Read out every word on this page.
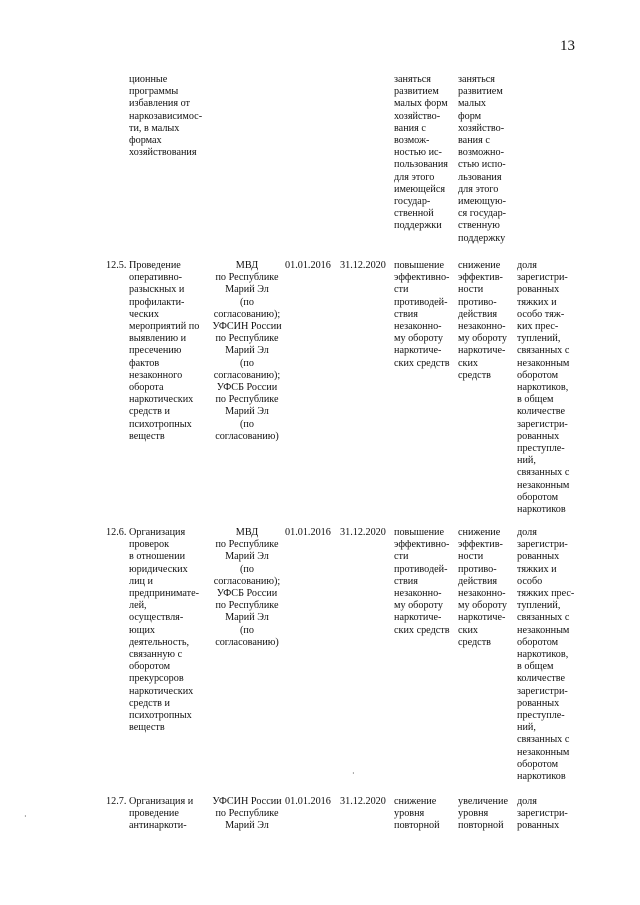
13
ционные
программы
избавления от
наркозависимос-
ти, в малых
формах
хозяйствования
заняться
развитием
малых форм
хозяйство-
вания с
возмож-
ностью ис-
пользования
для этого
имеющейся
государ-
ственной
поддержки
заняться
развитием
малых
форм
хозяйство-
вания с
возможно-
стью испо-
льзования
для этого
имеющую-
ся государ-
ственную
поддержку
12.5. Проведение
оперативно-
разыскных и
профилакти-
ческих
мероприятий по
выявлению и
пресечению
фактов
незаконного
оборота
наркотических
средств и
психотропных
веществ
МВД
по Республике
Марий Эл
(по
согласованию);
УФСИН России
по Республике
Марий Эл
(по
согласованию);
УФСБ России
по Республике
Марий Эл
(по
согласованию)
01.01.2016 31.12.2020 повышение
эффективно-
сти
противодей-
ствия
незаконно-
му обороту
наркотиче-
ских средств
снижение
эффектив-
ности
противо-
действия
незаконно-
му обороту
наркотиче-
ских
средств
доля
зарегистри-
рованных
тяжких и
особо тяж-
ких прес-
туплений,
связанных с
незаконным
оборотом
наркотиков,
в общем
количестве
зарегистри-
рованных
преступле-
ний,
связанных с
незаконным
оборотом
наркотиков
12.6. Организация
проверок
в отношении
юридических
лиц и
предпринимате-
лей,
осуществля-
ющих
деятельность,
связанную с
оборотом
прекурсоров
наркотических
средств и
психотропных
веществ
МВД
по Республике
Марий Эл
(по
согласованию);
УФСБ России
по Республике
Марий Эл
(по
согласованию)
01.01.2016 31.12.2020 повышение
эффективно-
сти
противодей-
ствия
незаконно-
му обороту
наркотиче-
ских средств
снижение
эффектив-
ности
противо-
действия
незаконно-
му обороту
наркотиче-
ских
средств
доля
зарегистри-
рованных
тяжких и
особо
тяжких прес-
туплений,
связанных с
незаконным
оборотом
наркотиков,
в общем
количестве
зарегистри-
рованных
преступле-
ний,
связанных с
незаконным
оборотом
наркотиков
12.7. Организация и
проведение
антинаркоти-
УФСИН России
по Республике
Марий Эл
01.01.2016 31.12.2020 снижение
уровня
повторной
увеличение
уровня
повторной
доля
зарегистри-
рованных
·
·
